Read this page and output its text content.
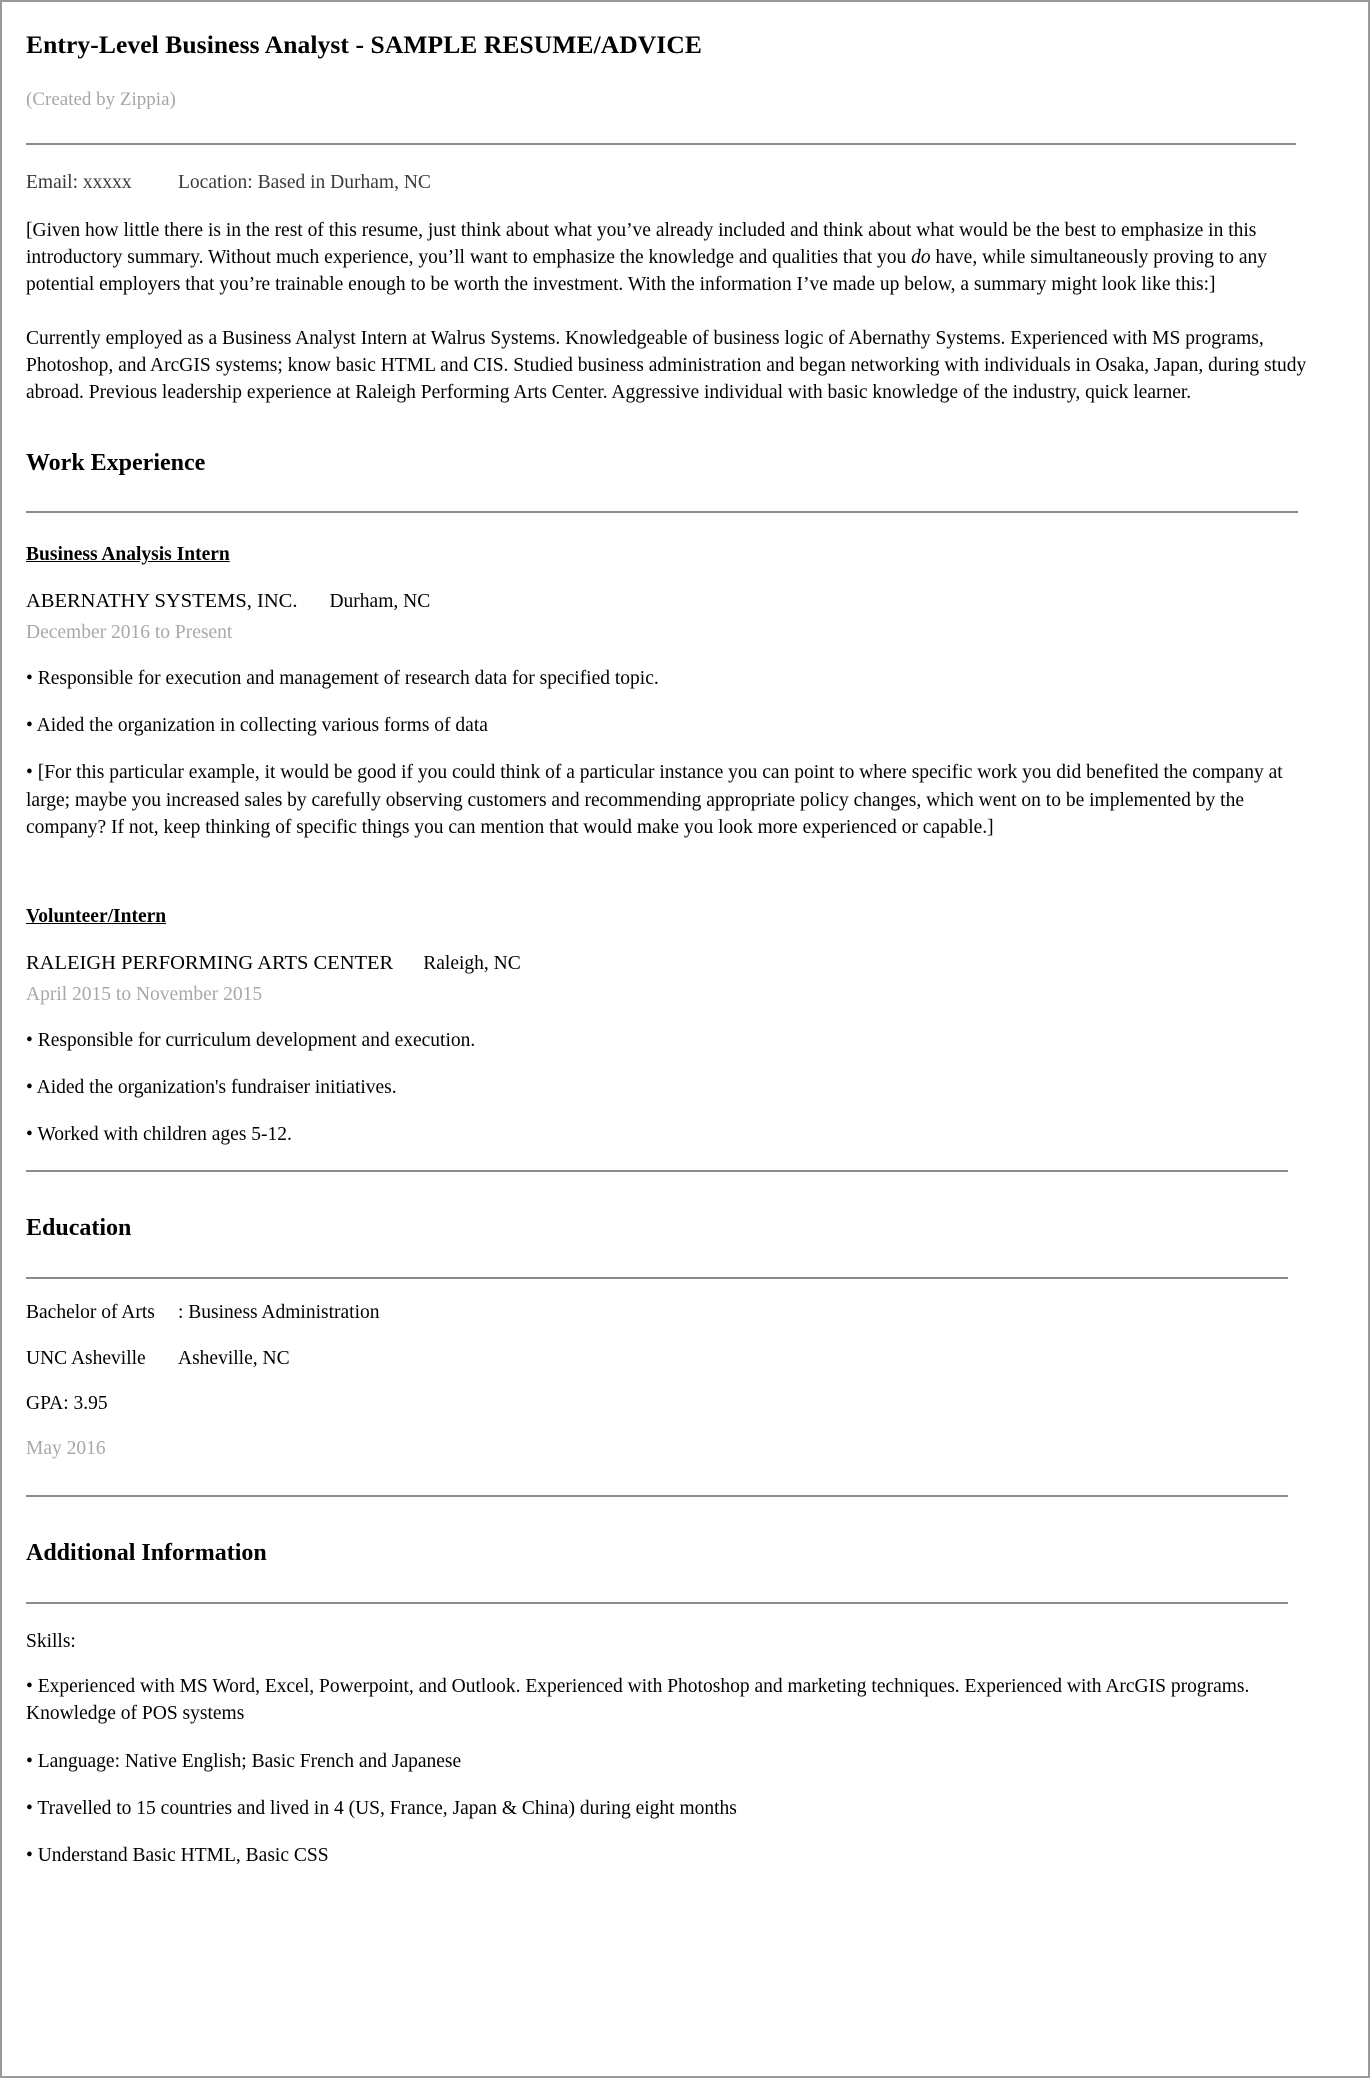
Entry-Level Business Analyst - SAMPLE RESUME/ADVICE
(Created by Zippia)
Email: xxxxx Location: Based in Durham, NC

[Given how little there is in the rest of this resume, just think about what you’ve already included and think about what would be the best to emphasize in this introductory summary. Without much experience, you’ll want to emphasize the knowledge and qualities that you do have, while simultaneously proving to any potential employers that you’re trainable enough to be worth the investment. With the information I’ve made up below, a summary might look like this:]

Currently employed as a Business Analyst Intern at Walrus Systems. Knowledgeable of business logic of Abernathy Systems. Experienced with MS programs, Photoshop, and ArcGIS systems; know basic HTML and CIS. Studied business administration and began networking with individuals in Osaka, Japan, during study abroad. Previous leadership experience at Raleigh Performing Arts Center. Aggressive individual with basic knowledge of the industry, quick learner.

Work Experience
Business Analysis Intern
ABERNATHY SYSTEMS, INC. Durham, NC
December 2016 to Present
• Responsible for execution and management of research data for specified topic.
• Aided the organization in collecting various forms of data
• [For this particular example, it would be good if you could think of a particular instance you can point to where specific work you did benefited the company at large; maybe you increased sales by carefully observing customers and recommending appropriate policy changes, which went on to be implemented by the company? If not, keep thinking of specific things you can mention that would make you look more experienced or capable.]
Volunteer/Intern
RALEIGH PERFORMING ARTS CENTER Raleigh, NC
April 2015 to November 2015
• Responsible for curriculum development and execution.
• Aided the organization's fundraiser initiatives.
• Worked with children ages 5-12.
Education
Bachelor of Arts : Business Administration
UNC Asheville Asheville, NC
GPA: 3.95
May 2016
Additional Information
Skills:
• Experienced with MS Word, Excel, Powerpoint, and Outlook. Experienced with Photoshop and marketing techniques. Experienced with ArcGIS programs. Knowledge of POS systems
• Language: Native English; Basic French and Japanese
• Travelled to 15 countries and lived in 4 (US, France, Japan & China) during eight months
• Understand Basic HTML, Basic CSS
